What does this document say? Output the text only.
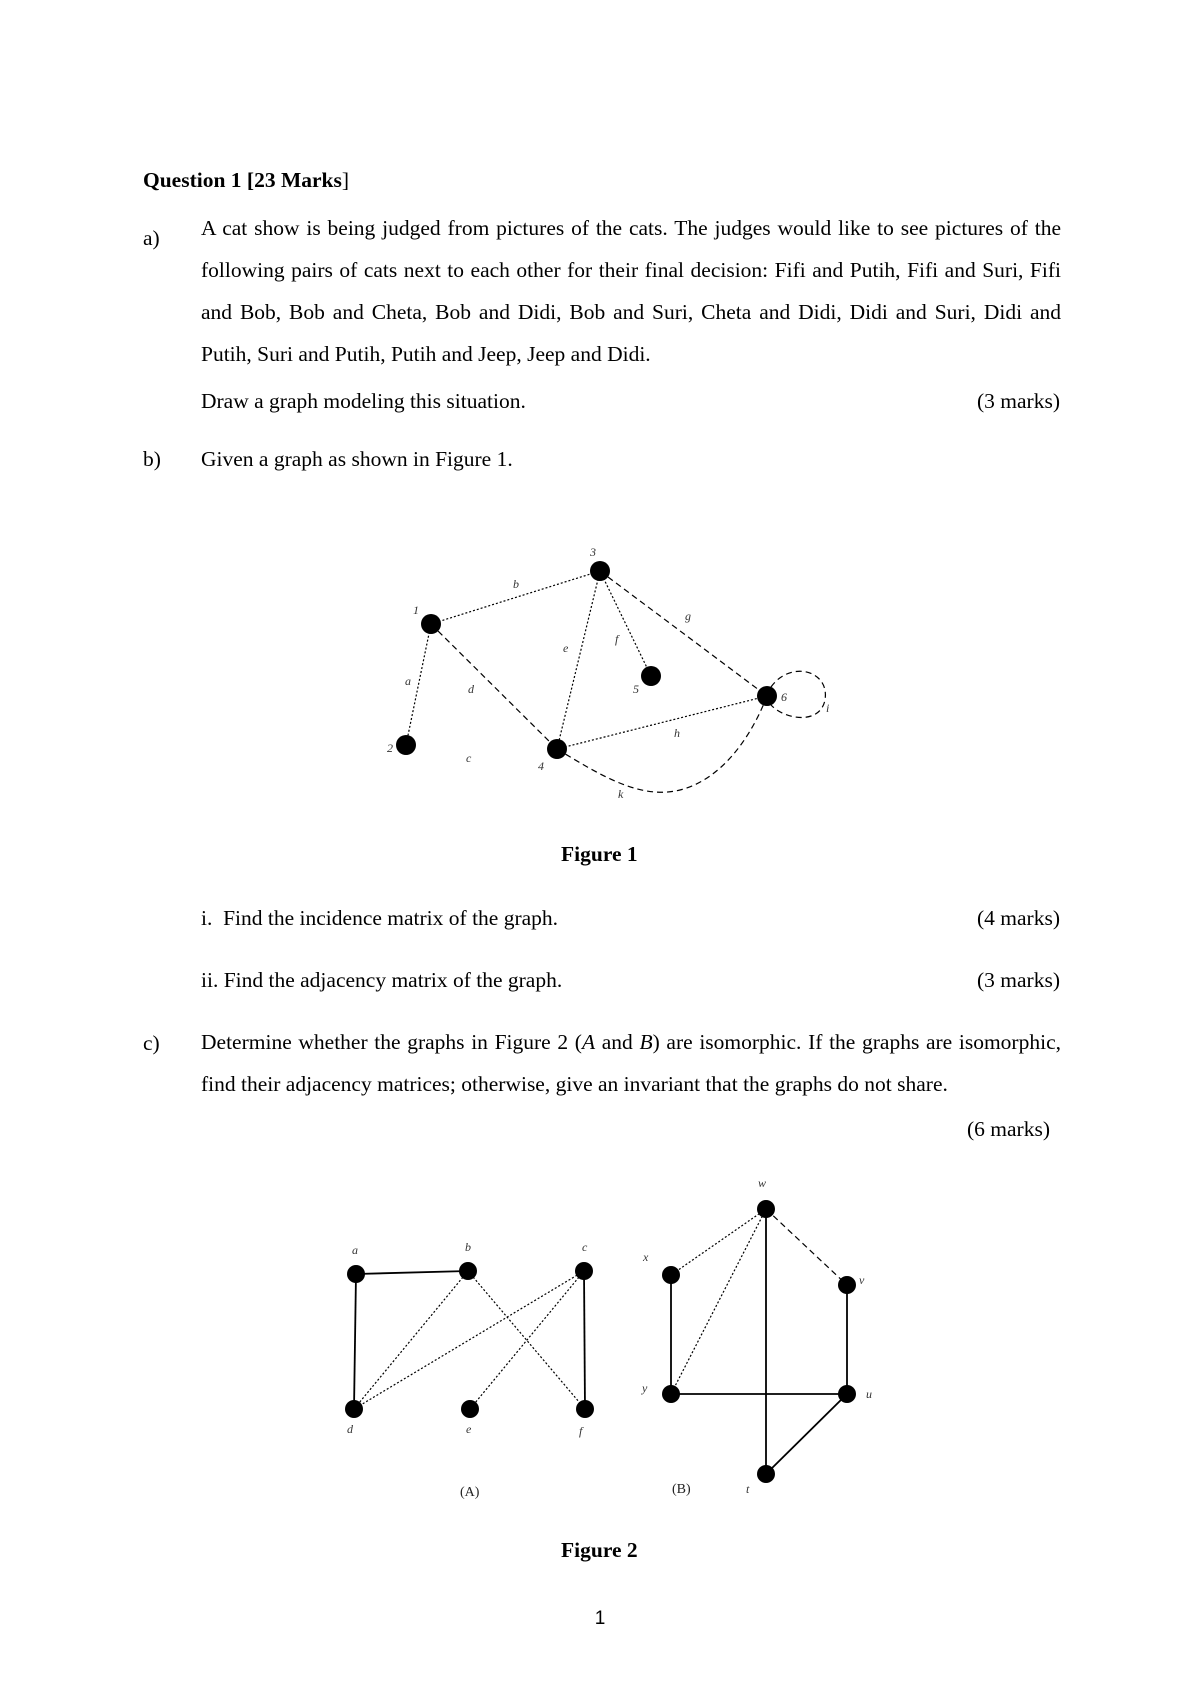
Question 1 [23 Marks]
a) A cat show is being judged from pictures of the cats. The judges would like to see pictures of the following pairs of cats next to each other for their final decision: Fifi and Putih, Fifi and Suri, Fifi and Bob, Bob and Cheta, Bob and Didi, Bob and Suri, Cheta and Didi, Didi and Suri, Didi and Putih, Suri and Putih, Putih and Jeep, Jeep and Didi.
Draw a graph modeling this situation.	(3 marks)
b) Given a graph as shown in Figure 1.
1
2
3
4
5
6
a
b
c
d
e
f
g
h
i
k
a	b	c
d	e	f
(A)
w
x
v
y	u
t
(B)
Figure 1
i.  Find the incidence matrix of the graph.	(4 marks)
ii. Find the adjacency matrix of the graph.	(3 marks)
c) Determine whether the graphs in Figure 2 (A and B) are isomorphic. If the graphs are isomorphic, find their adjacency matrices; otherwise, give an invariant that the graphs do not share.
(6 marks)
Figure 2
1
